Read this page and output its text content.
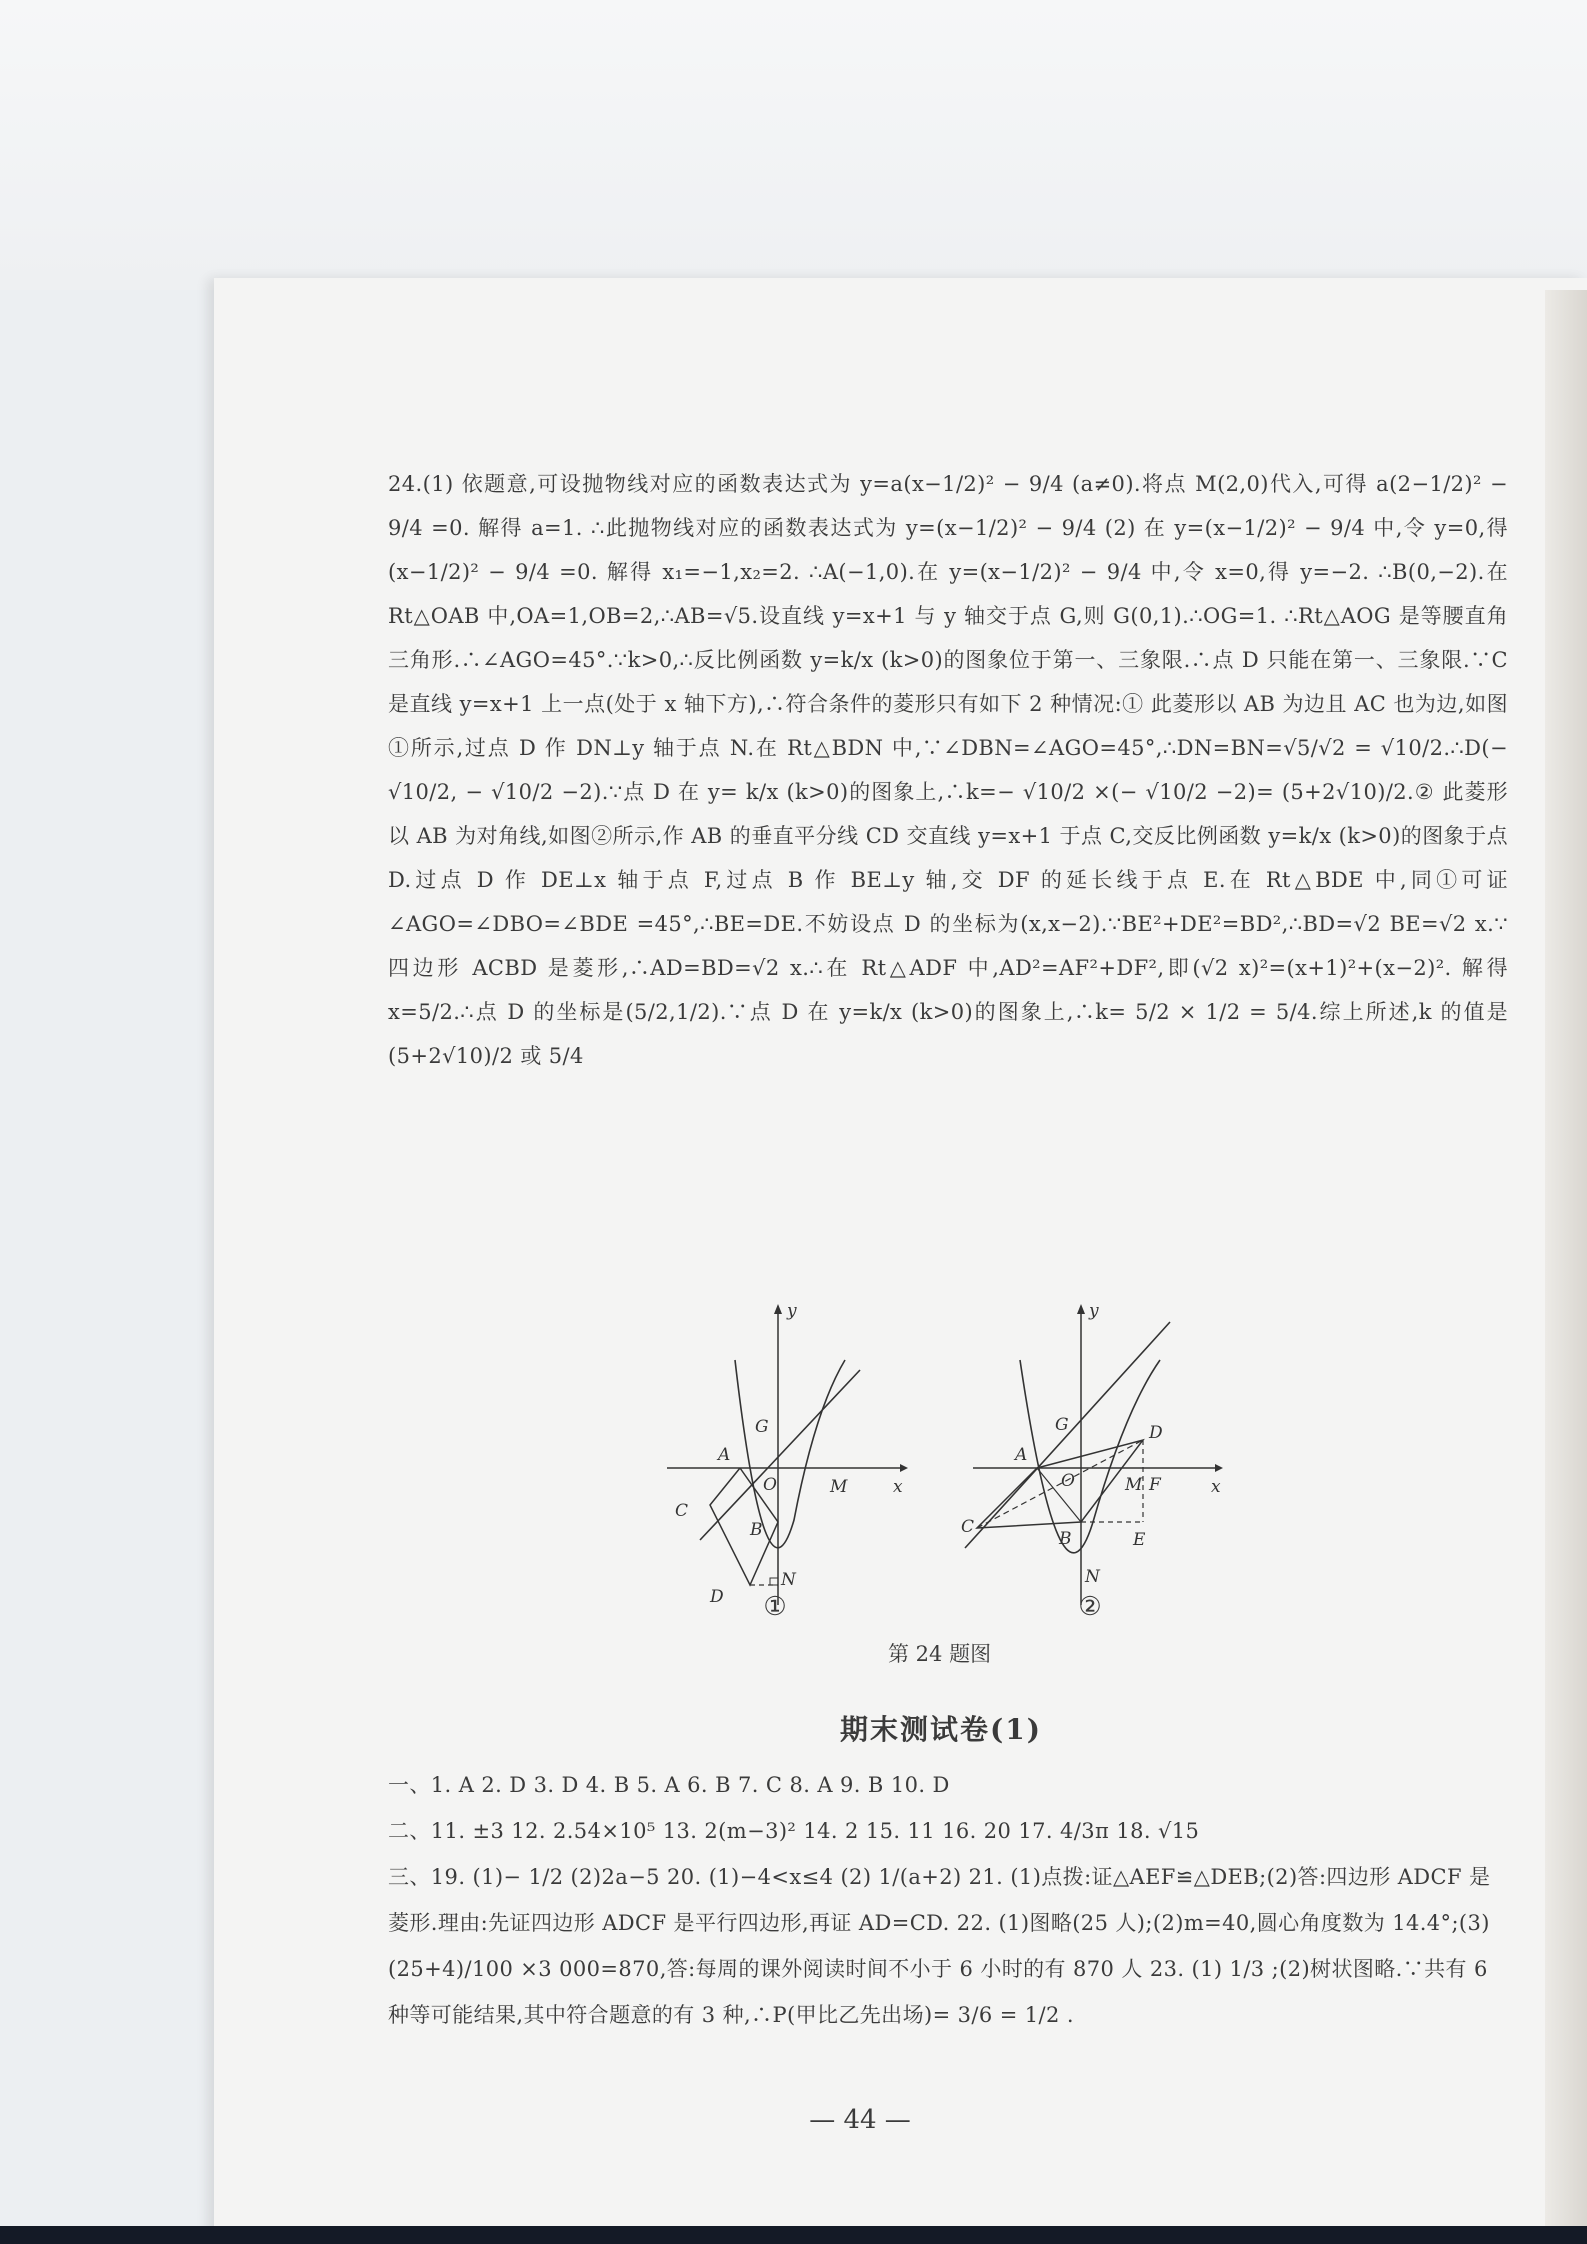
24.(1) 依题意,可设抛物线对应的函数表达式为 y=a(x−1/2)² − 9/4 (a≠0).将点 M(2,0)代入,可得 a(2−1/2)² − 9/4 =0. 解得 a=1. ∴此抛物线对应的函数表达式为 y=(x−1/2)² − 9/4 (2) 在 y=(x−1/2)² − 9/4 中,令 y=0,得(x−1/2)² − 9/4 =0. 解得 x₁=−1,x₂=2. ∴A(−1,0).在 y=(x−1/2)² − 9/4 中,令 x=0,得 y=−2. ∴B(0,−2).在 Rt△OAB 中,OA=1,OB=2,∴AB=√5.设直线 y=x+1 与 y 轴交于点 G,则 G(0,1).∴OG=1. ∴Rt△AOG 是等腰直角三角形.∴∠AGO=45°.∵k>0,∴反比例函数 y=k/x (k>0)的图象位于第一、三象限.∴点 D 只能在第一、三象限.∵C 是直线 y=x+1 上一点(处于 x 轴下方),∴符合条件的菱形只有如下 2 种情况:① 此菱形以 AB 为边且 AC 也为边,如图①所示,过点 D 作 DN⊥y 轴于点 N.在 Rt△BDN 中,∵∠DBN=∠AGO=45°,∴DN=BN=√5/√2 = √10/2.∴D(− √10/2, − √10/2 −2).∵点 D 在 y= k/x (k>0)的图象上,∴k=− √10/2 ×(− √10/2 −2)= (5+2√10)/2.② 此菱形以 AB 为对角线,如图②所示,作 AB 的垂直平分线 CD 交直线 y=x+1 于点 C,交反比例函数 y=k/x (k>0)的图象于点 D.过点 D 作 DE⊥x 轴于点 F,过点 B 作 BE⊥y 轴,交 DF 的延长线于点 E.在 Rt△BDE 中,同①可证∠AGO=∠DBO=∠BDE =45°,∴BE=DE.不妨设点 D 的坐标为(x,x−2).∵BE²+DE²=BD²,∴BD=√2 BE=√2 x.∵四边形 ACBD 是菱形,∴AD=BD=√2 x.∴在 Rt△ADF 中,AD²=AF²+DF²,即(√2 x)²=(x+1)²+(x−2)². 解得 x=5/2.∴点 D 的坐标是(5/2,1/2).∵点 D 在 y=k/x (k>0)的图象上,∴k= 5/2 × 1/2 = 5/4.综上所述,k 的值是 (5+2√10)/2 或 5/4

y
x
G
A
O	M
C
B
D
N
①
y
x
G
A
D
O	M F
E
C
B
N
②
第 24 题图
期末测试卷(1)

一、1. A 2. D 3. D 4. B 5. A 6. B 7. C 8. A 9. B 10. D

二、11. ±3 12. 2.54×10⁵ 13. 2(m−3)² 14. 2 15. 11 16. 20 17. 4/3π 18. √15

三、19. (1)− 1/2 (2)2a−5 20. (1)−4<x≤4 (2) 1/(a+2) 21. (1)点拨:证△AEF≌△DEB;(2)答:四边形 ADCF 是菱形.理由:先证四边形 ADCF 是平行四边形,再证 AD=CD. 22. (1)图略(25 人);(2)m=40,圆心角度数为 14.4°;(3) (25+4)/100 ×3 000=870,答:每周的课外阅读时间不小于 6 小时的有 870 人 23. (1) 1/3 ;(2)树状图略.∵共有 6 种等可能结果,其中符合题意的有 3 种,∴P(甲比乙先出场)= 3/6 = 1/2 .

— 44 —
